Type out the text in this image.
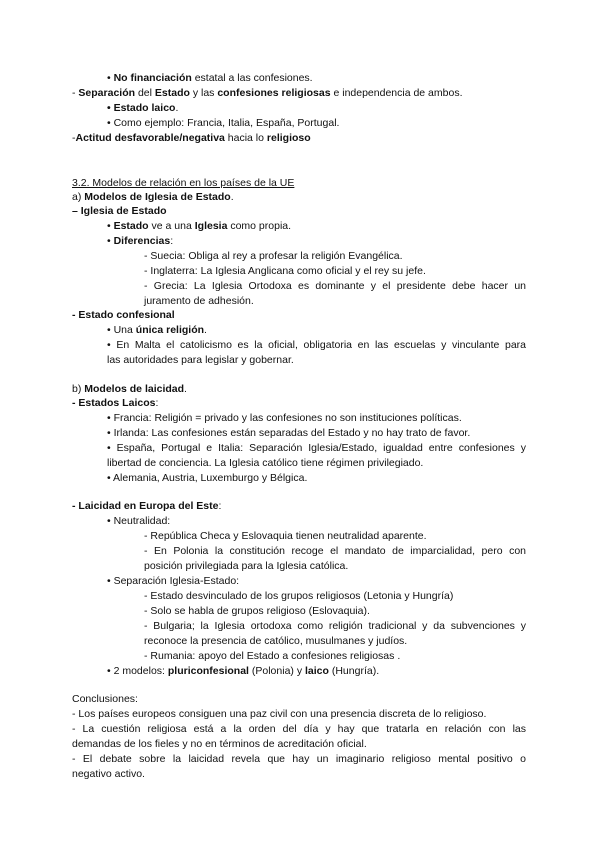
• No financiación estatal a las confesiones.
- Separación del Estado y las confesiones religiosas e independencia de ambos.
• Estado laico.
• Como ejemplo: Francia, Italia, España, Portugal.
-Actitud desfavorable/negativa hacia lo religioso
3.2. Modelos de relación en los países de la UE
a) Modelos de Iglesia de Estado.
– Iglesia de Estado
• Estado ve a una Iglesia como propia.
• Diferencias:
- Suecia: Obliga al rey a profesar la religión Evangélica.
- Inglaterra: La Iglesia Anglicana como oficial y el rey su jefe.
- Grecia: La Iglesia Ortodoxa es dominante y el presidente debe hacer un
juramento de adhesión.
- Estado confesional
• Una única religión.
• En Malta el catolicismo es la oficial, obligatoria en las escuelas y vinculante para
las autoridades para legislar y gobernar.
b) Modelos de laicidad.
- Estados Laicos:
• Francia: Religión = privado y las confesiones no son instituciones políticas.
• Irlanda: Las confesiones están separadas del Estado y no hay trato de favor.
• España, Portugal e Italia: Separación Iglesia/Estado, igualdad entre confesiones y
libertad de conciencia. La Iglesia católico tiene régimen privilegiado.
• Alemania, Austria, Luxemburgo y Bélgica.
- Laicidad en Europa del Este:
• Neutralidad:
- República Checa y Eslovaquia tienen neutralidad aparente.
- En Polonia la constitución recoge el mandato de imparcialidad, pero con
posición privilegiada para la Iglesia católica.
• Separación Iglesia-Estado:
- Estado desvinculado de los grupos religiosos (Letonia y Hungría)
- Solo se habla de grupos religioso (Eslovaquia).
- Bulgaria; la Iglesia ortodoxa como religión tradicional y da subvenciones y
reconoce la presencia de católico, musulmanes y judíos.
- Rumania: apoyo del Estado a confesiones religiosas .
• 2 modelos: pluriconfesional (Polonia) y laico (Hungría).
Conclusiones:
- Los países europeos consiguen una paz civil con una presencia discreta de lo religioso.
- La cuestión religiosa está a la orden del día y hay que tratarla en relación con las
demandas de los fieles y no en términos de acreditación oficial.
- El debate sobre la laicidad revela que hay un imaginario religioso mental positivo o
negativo activo.
